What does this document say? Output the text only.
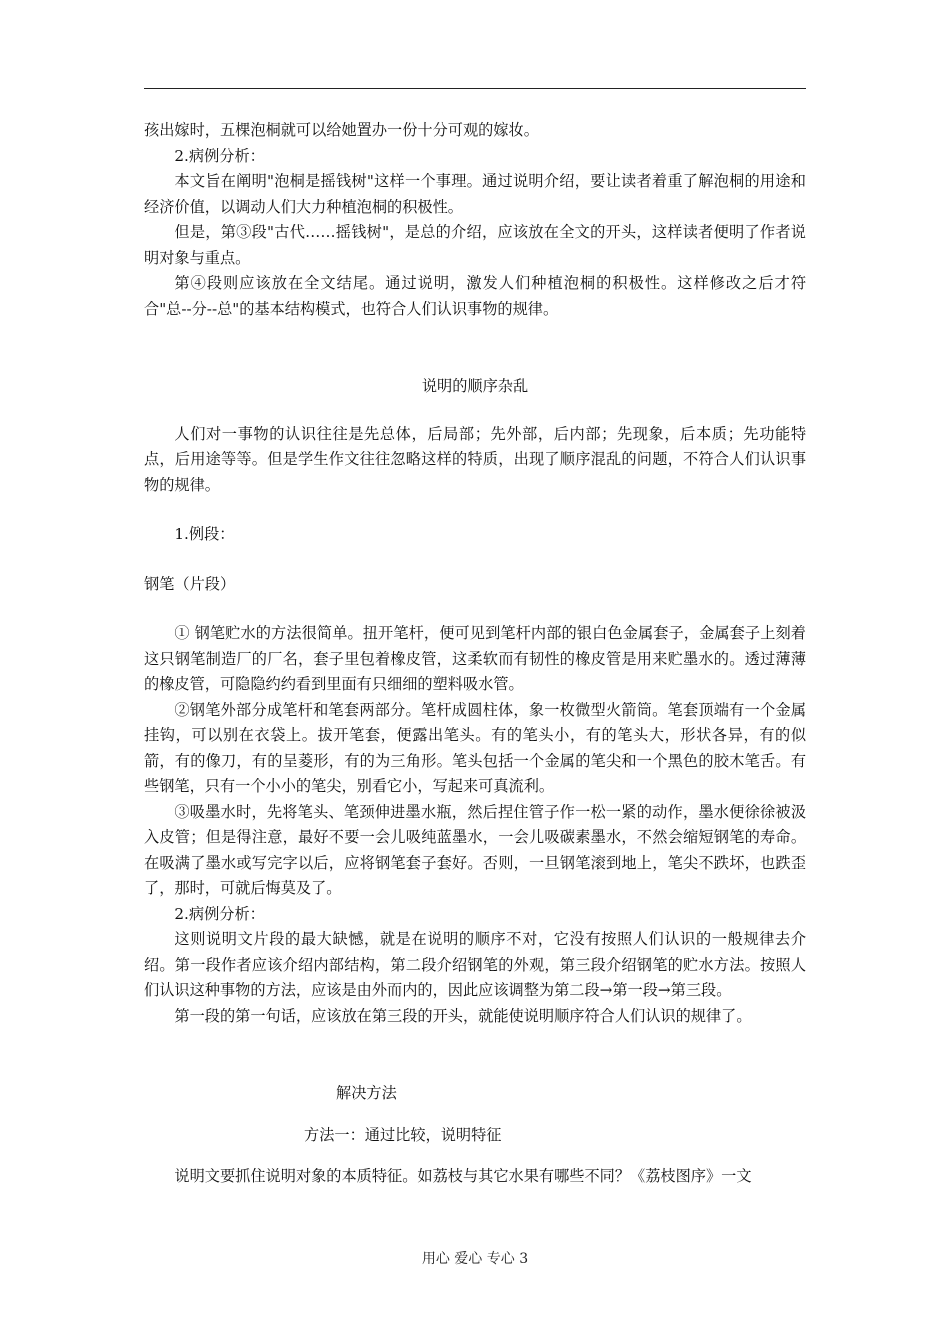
孩出嫁时，五棵泡桐就可以给她置办一份十分可观的嫁妆。

2.病例分析：

本文旨在阐明"泡桐是摇钱树"这样一个事理。通过说明介绍，要让读者着重了解泡桐的用途和经济价值，以调动人们大力种植泡桐的积极性。

但是，第③段"古代……摇钱树"，是总的介绍，应该放在全文的开头，这样读者便明了作者说明对象与重点。

第④段则应该放在全文结尾。通过说明，激发人们种植泡桐的积极性。这样修改之后才符合"总--分--总"的基本结构模式，也符合人们认识事物的规律。

说明的顺序杂乱

人们对一事物的认识往往是先总体，后局部；先外部，后内部；先现象，后本质；先功能特点，后用途等等。但是学生作文往往忽略这样的特质，出现了顺序混乱的问题，不符合人们认识事物的规律。

1.例段：

钢笔（片段）

① 钢笔贮水的方法很简单。扭开笔杆，便可见到笔杆内部的银白色金属套子，金属套子上刻着这只钢笔制造厂的厂名，套子里包着橡皮管，这柔软而有韧性的橡皮管是用来贮墨水的。透过薄薄的橡皮管，可隐隐约约看到里面有只细细的塑料吸水管。

②钢笔外部分成笔杆和笔套两部分。笔杆成圆柱体，象一枚微型火箭筒。笔套顶端有一个金属挂钩，可以别在衣袋上。拔开笔套，便露出笔头。有的笔头小，有的笔头大，形状各异，有的似箭，有的像刀，有的呈菱形，有的为三角形。笔头包括一个金属的笔尖和一个黑色的胶木笔舌。有些钢笔，只有一个小小的笔尖，别看它小，写起来可真流利。

③吸墨水时，先将笔头、笔颈伸进墨水瓶，然后捏住管子作一松一紧的动作，墨水便徐徐被汲入皮管；但是得注意，最好不要一会儿吸纯蓝墨水，一会儿吸碳素墨水，不然会缩短钢笔的寿命。在吸满了墨水或写完字以后，应将钢笔套子套好。否则，一旦钢笔滚到地上，笔尖不跌坏，也跌歪了，那时，可就后悔莫及了。

2.病例分析：

这则说明文片段的最大缺憾，就是在说明的顺序不对，它没有按照人们认识的一般规律去介绍。第一段作者应该介绍内部结构，第二段介绍钢笔的外观，第三段介绍钢笔的贮水方法。按照人们认识这种事物的方法，应该是由外而内的，因此应该调整为第二段→第一段→第三段。

第一段的第一句话，应该放在第三段的开头，就能使说明顺序符合人们认识的规律了。

解决方法

方法一：通过比较，说明特征

说明文要抓住说明对象的本质特征。如荔枝与其它水果有哪些不同？《荔枝图序》一文

用心 爱心 专心 3
